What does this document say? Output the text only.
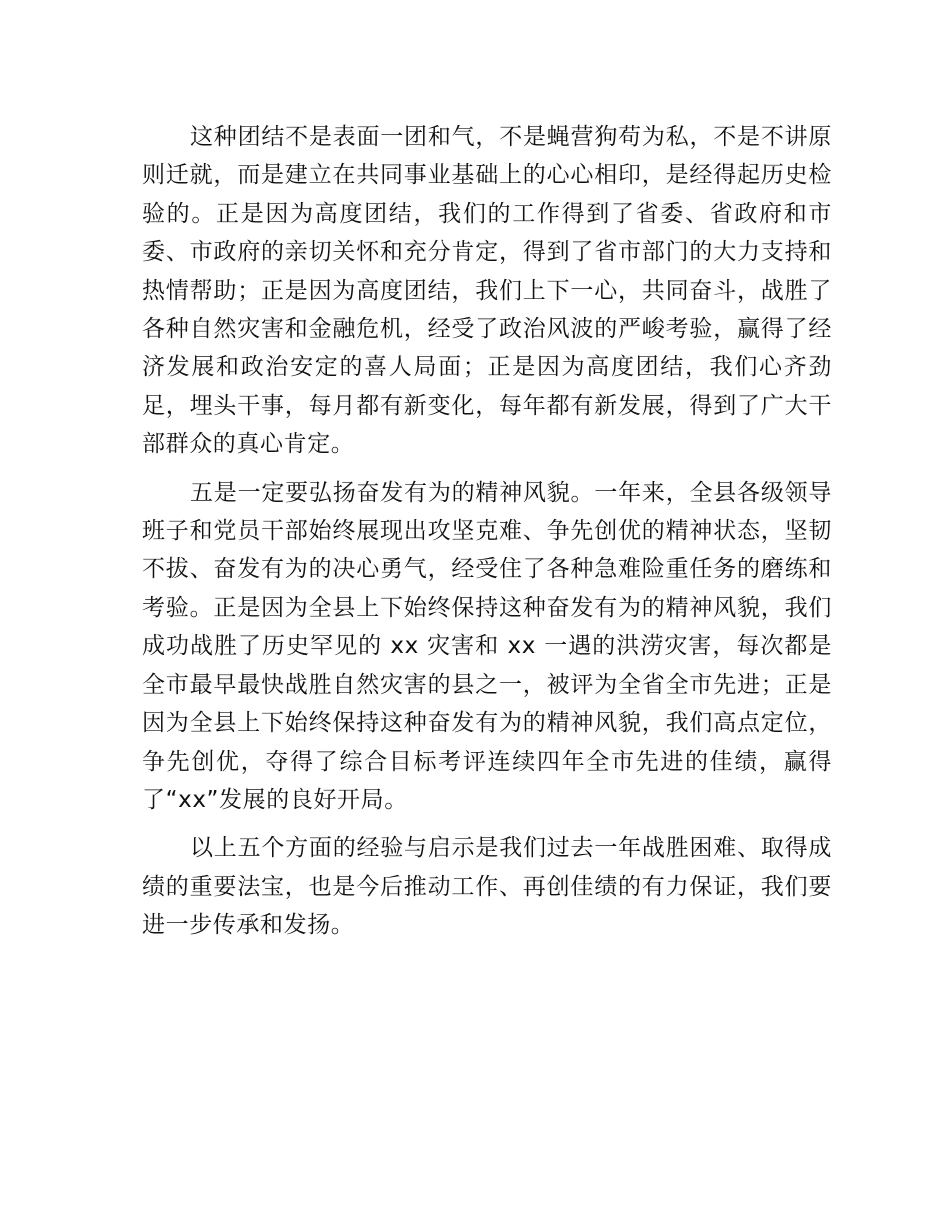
这种团结不是表面一团和气，不是蝇营狗苟为私，不是不讲原则迁就，而是建立在共同事业基础上的心心相印，是经得起历史检验的。正是因为高度团结，我们的工作得到了省委、省政府和市委、市政府的亲切关怀和充分肯定，得到了省市部门的大力支持和热情帮助；正是因为高度团结，我们上下一心，共同奋斗，战胜了各种自然灾害和金融危机，经受了政治风波的严峻考验，赢得了经济发展和政治安定的喜人局面；正是因为高度团结，我们心齐劲足，埋头干事，每月都有新变化，每年都有新发展，得到了广大干部群众的真心肯定。

五是一定要弘扬奋发有为的精神风貌。一年来，全县各级领导班子和党员干部始终展现出攻坚克难、争先创优的精神状态，坚韧不拔、奋发有为的决心勇气，经受住了各种急难险重任务的磨练和考验。正是因为全县上下始终保持这种奋发有为的精神风貌，我们成功战胜了历史罕见的 xx 灾害和 xx 一遇的洪涝灾害，每次都是全市最早最快战胜自然灾害的县之一，被评为全省全市先进；正是因为全县上下始终保持这种奋发有为的精神风貌，我们高点定位，争先创优，夺得了综合目标考评连续四年全市先进的佳绩，赢得了“xx”发展的良好开局。

以上五个方面的经验与启示是我们过去一年战胜困难、取得成绩的重要法宝，也是今后推动工作、再创佳绩的有力保证，我们要进一步传承和发扬。
